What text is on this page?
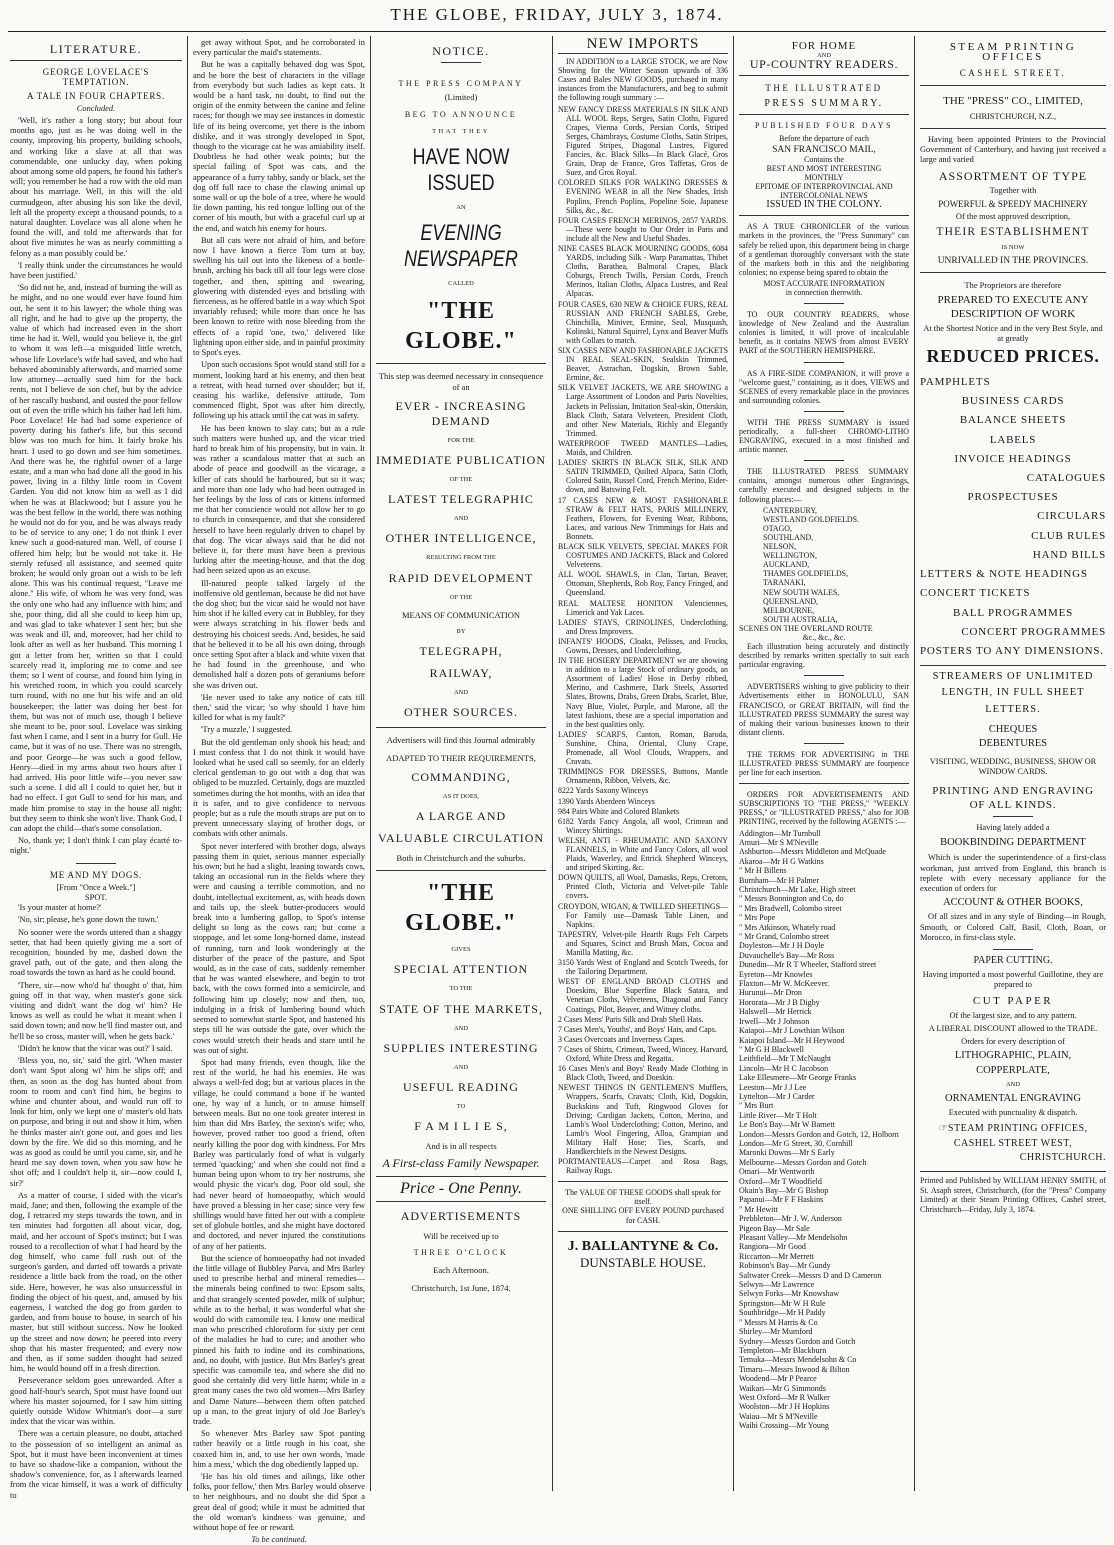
THE GLOBE, FRIDAY, JULY 3, 1874.
LITERATURE.
GEORGE LOVELACE'S TEMPTATION.
A TALE IN FOUR CHAPTERS.
Concluded.

'Well, it's rather a long story; but about four months ago, just as he was doing well in the county, improving his property, building schools, and working like a slave at all that was commendable, one unlucky day, when poking about among some old papers, he found his father's will; you remember he had a row with the old man about his marriage. Well, in this will the old curmudgeon, after abusing his son like the devil, left all the property except a thousand pounds, to a natural daughter. Lovelace was all alone when he found the will, and told me afterwards that for about five minutes he was as nearly committing a felony as a man possibly could be.'

'I really think under the circumstances he would have been justified.'

'So did not he, and, instead of burning the will as he might, and no one would ever have found him out, he sent it to his lawyer; the whole thing was all right, and he had to give up the property, the value of which had increased even in the short time he had it. Well, would you believe it, the girl to whom it was left—a misguided little wretch, whose life Lovelace's wife had saved, and who had behaved abominably afterwards, and married some low attorney—actually sued him for the back rents, not I believe de son chef, but by the advice of her rascally husband, and ousted the poor fellow out of even the trifle which his father had left him. Poor Lovelace! He had had some experience of poverty during his father's life, but this second blow was too much for him. It fairly broke his heart. I used to go down and see him sometimes. And there was he, the rightful owner of a large estate, and a man who had done all the good in his power, living in a filthy little room in Covent Garden. You did not know him as well as I did when he was at Blackwood; but I assure you he was the best fellow in the world, there was nothing he would not do for you, and he was always ready to be of service to any one; I do not think I ever knew such a good-natured man. Well, of course I offered him help; but he would not take it. He sternly refused all assistance, and seemed quite broken; he would only groan out a wish to be left alone. This was his continual request, "Leave me alone." His wife, of whom he was very fond, was the only one who had any influence with him; and she, poor thing, did all she could to keep him up, and was glad to take whatever I sent her; but she was weak and ill, and, moreover, had her child to look after as well as her husband. This morning I got a letter from her, written so that I could scarcely read it, imploring me to come and see them; so I went of course, and found him lying in his wretched room, in which you could scarcely turn round, with no one but his wife and an old housekeeper; the latter was doing her best for them, but was not of much use, though I believe she meant to be, poor soul. Lovelace was sinking fast when I came, and I sent in a hurry for Gull. He came, but it was of no use. There was no strength, and poor George—he was such a good fellow, Henry—died in my arms about two hours after I had arrived. His poor little wife—you never saw such a scene. I did all I could to quiet her, but it had no effect. I got Gull to send for his man, and made him promise to stay in the house all night; but they seem to think she won't live. Thank God, I can adopt the child—that's some consolation.

No, thank ye; I don't think I can play écarté to-night.'

ME AND MY DOGS.
[From "Once a Week."]
SPOT.

'Is your master at home?'

'No, sir; please, he's gone down the town.'

No sooner were the words uttered than a shaggy setter, that had been quietly giving me a sort of recognition, bounded by me, dashed down the gravel path, out of the gate, and then along the road towards the town as hard as he could bound.

'There, sir—now who'd ha' thought o' that, him going off in that way, when master's gone sick visiting and didn't want the dog wi' him? He knows as well as could be what it meant when I said down town; and now he'll find master out, and he'll be so cross, master will, when he gets back.'

'Didn't he know that the vicar was out?' I said.

'Bless you, no, sir,' said the girl. 'When master don't want Spot along wi' him he slips off; and then, as soon as the dog has hunted about from room to room and can't find him, he begins to whine and chunter about, and would run off to look for him, only we kept one o' master's old hats on purpose, and bring it out and show it him, when he thinks master ain't gone out, and goes and lies down by the fire. We did so this morning, and he was as good as could be until you came, sir, and he heard me say down town, when you saw how he shot off; and I couldn't help it, sir—now could I, sir?'

As a matter of course, I sided with the vicar's maid, Jane; and then, following the example of the dog, I retraced my steps towards the town, and in ten minutes had forgotten all about vicar, dog, maid, and her account of Spot's instinct; but I was roused to a recollection of what I had heard by the dog himself, who came full rush out of the surgeon's garden, and darted off towards a private residence a little back from the road, on the other side. Here, however, he was also unsuccessful in finding the object of his quest, and, amused by his eagerness, I watched the dog go from garden to garden, and from house to house, in search of his master, but still without success. Now he looked up the street and now down; he peered into every shop that his master frequented; and every now and then, as if some sudden thought had seized him, he would bound off in a fresh direction.

Perseverance seldom goes unrewarded. After a good half-hour's search, Spot must have found out where his master sojourned, for I saw him sitting quietly outside Widow Whitman's door—a sure index that the vicar was within.

There was a certain pleasure, no doubt, attached to the possession of so intelligent an animal as Spot, but it must have been inconvenient at times to have so shadow-like a companion, without the shadow's convenience, for, as I afterwards learned from the vicar himself, it was a work of difficulty to

get away without Spot, and he corroborated in every particular the maid's statements.

But he was a capitally behaved dog was Spot, and he bore the best of characters in the village from everybody but such ladies as kept cats. It would be a hard task, no doubt, to find out the origin of the enmity between the canine and feline races; for though we may see instances in domestic life of its being overcome, yet there is the inborn dislike, and it was strongly developed in Spot, though to the vicarage cat he was amiability itself. Doubtless he had other weak points; but the special failing of Spot was cats, and the appearance of a furry tabby, sandy or black, set the dog off full race to chase the clawing animal up some wall or up the bole of a tree, where he would lie down panting, his red tongue lolling out of the corner of his mouth, but with a graceful curl up at the end, and watch his enemy for hours.

But all cats were not afraid of him, and before now I have known a fierce Tom turn at bay, swelling his tail out into the likeness of a bottle-brush, arching his back till all four legs were close together, and then, spitting and swearing, glowering with distended eyes and bristling with fierceness, as he offered battle in a way which Spot invariably refused; while more than once he has been known to retire with nose bleeding from the effects of a rapid 'one, two,' delivered like lightning upon either side, and in painful proximity to Spot's eyes.

Upon such occasions Spot would stand still for a moment, looking hard at his enemy, and then beat a retreat, with head turned over shoulder; but if, ceasing his warlike, defensive attitude, Tom commenced flight, Spot was after him directly, following up his attack until the cat was in safety.

He has been known to slay cats; but as a rule such matters were hushed up, and the vicar tried hard to break him of his propensity, but in vain. It was rather a scandalous matter that at such an abode of peace and goodwill as the vicarage, a killer of cats should be harboured, but so it was; and more than one lady who had been outraged in her feelings by the loss of cats or kittens informed me that her conscience would not allow her to go to church in consequence, and that she considered herself to have been regularly driven to chapel by that dog. The vicar always said that he did not believe it, for there must have been a previous lurking after the meeting-house, and that the dog had been seized upon as an excuse.

Ill-natured people talked largely of the inoffensive old gentleman, because he did not have the dog shot; but the vicar said he would not have him shot if he killed every cat in Bubbley, for they were always scratching in his flower beds and destroying his choicest seeds. And, besides, he said that he believed it to be all his own doing, through once setting Spot after a black and white vixen that he had found in the greenhouse, and who demolished half a dozen pots of geraniums before she was driven out.

'He never used to take any notice of cats till then,' said the vicar; 'so why should I have him killed for what is my fault?'

'Try a muzzle,' I suggested.

But the old gentleman only shook his head; and I must confess that I do not think it would have looked what he used call so seemly, for an elderly clerical gentleman to go out with a dog that was obliged to be muzzled. Certainly, dogs are muzzled sometimes during the hot months, with an idea that it is safer, and to give confidence to nervous people; but as a rule the mouth straps are put on to prevent unnecessary slaying of brother dogs, or combats with other animals.

Spot never interfered with brother dogs, always passing them in quiet, serious manner especially his own; but he had a slight, leaning towards cows, taking an occasional run in the fields where they were and causing a terrible commotion, and no doubt, intellectual excitement, as, with heads down and tails up, the sleek butter-producers would break into a lumbering gallop, to Spot's intense delight so long as the cows ran; but come a stoppage, and let some long-horned dame, instead of running, turn and look wonderingly at the disturber of the peace of the pasture, and Spot would, as in the case of cats, suddenly remember that he was wanted elsewhere, and begin to trot back, with the cows formed into a semicircle, and following him up closely; now and then, too, indulging in a frisk of lumbering bound which seemed to somewhat startle Spot, and hastened his steps till he was outside the gate, over which the cows would stretch their heads and stare until he was out of sight.

Spot had many friends, even though, like the rest of the world, he had his enemies. He was always a well-fed dog; but at various places in the village, he could command a bone if he wanted one, by way of a lunch, or to amuse himself between meals. But no one took greater interest in him than did Mrs Barley, the sexton's wife; who, however, proved rather too good a friend, often nearly killing the poor dog with kindness. For Mrs Barley was particularly fond of what is vulgarly termed 'quacking;' and when she could not find a human being upon whom to try her nostrums, she would physic the vicar's dog. Poor old soul, she had never heard of homoeopathy, which would have proved a blessing in her case; since very few shillings would have fitted her out with a complete set of globule bottles, and she might have doctored and doctored, and never injured the constitutions of any of her patients.

But the science of homoeopathy had not invaded the little village of Bubbley Parva, and Mrs Barley used to prescribe herbal and mineral remedies—the minerals being confined to two: Epsom salts, and that strangely scented powder, milk of sulphur; while as to the herbal, it was wonderful what she would do with camomile tea. I know one medical man who prescribed chloroform for sixty per cent of the maladies he had to cure; and another who pinned his faith to iodine and its combinations, and, no doubt, with justice. But Mrs Barley's great specific was camomile tea, and where she did no good she certainly did very little harm; while in a great many cases the two old women—Mrs Barley and Dame Nature—between them often patched up a man, to the great injury of old Joe Barley's trade.

So whenever Mrs Barley saw Spot panting rather heavily or a little rough in his coat, she coaxed him in, and, to use her own words, 'made him a mess,' which the dog obediently lapped up.

'He has his old times and ailings, like other folks, poor fellow,' then Mrs Barley would observe to her neighbours, and no doubt she did Spot a great deal of good; while it must be admitted that the old woman's kindness was genuine, and without hope of fee or reward.

To be continued.
NOTICE.
THE PRESS COMPANY
(Limited)
BEG TO ANNOUNCE
THAT THEY
HAVE NOW ISSUED
AN
EVENING NEWSPAPER
CALLED
"THE GLOBE."
This step was deemed necessary in consequence of an
EVER - INCREASING DEMAND
FOR THE
IMMEDIATE PUBLICATION
OF THE
LATEST TELEGRAPHIC
AND
OTHER INTELLIGENCE,
RESULTING FROM THE
RAPID DEVELOPMENT
OF THE
MEANS OF COMMUNICATION
BY
TELEGRAPH,
RAILWAY,
AND
OTHER SOURCES.
Advertisers will find this Journal admirably
ADAPTED TO THEIR REQUIREMENTS,
COMMANDING,
AS IT DOES,
A LARGE AND
VALUABLE CIRCULATION
Both in Christchurch and the suburbs.
"THE GLOBE."
GIVES
SPECIAL ATTENTION
TO THE
STATE OF THE MARKETS,
AND
SUPPLIES INTERESTING
AND
USEFUL READING
TO
F A M I L I E S,
And is in all respects
A First-class Family Newspaper.
Price - One Penny.
ADVERTISEMENTS
Will be received up to
THREE O'CLOCK
Each Afternoon.
Christchurch, 1st June, 1874.
NEW IMPORTS

IN ADDITION to a LARGE STOCK, we are Now Showing for the Winter Season upwards of 336 Cases and Bales NEW GOODS, purchased in many instances from the Manufacturers, and beg to submit the following rough summary :—

NEW FANCY DRESS MATERIALS IN SILK AND ALL WOOL Reps, Serges, Satin Cloths, Figured Crapes, Vienna Cords, Persian Cords, Striped Serges, Chambrays, Costume Cloths, Satin Stripes, Figured Stripes, Diagonal Lustres, Figured Fancies, &c. Black Silks—In Black Glacé, Gros Grain, Drap de France, Gros Taffetas, Gros de Suez, and Gros Royal.
COLORED SILKS FOR WALKING DRESSES & EVENING WEAR in all the New Shades, Irish Poplins, French Poplins, Popeline Soie, Japanese Silks, &c., &c.
FOUR CASES FRENCH MERINOS, 2857 YARDS.—These were bought to Our Order in Paris and include all the New and Useful Shades.
NINE CASES BLACK MOURNING GOODS, 6084 YARDS, including Silk - Warp Paramattas, Thibet Cloths, Barathea, Balmoral Crapes, Black Coburgs, French Twills, Persian Cords, French Merinos, Italian Cloths, Alpaca Lustres, and Real Alpacas.
FOUR CASES, 630 NEW & CHOICE FURS, REAL RUSSIAN AND FRENCH SABLES, Grebe, Chinchilla, Miniver, Ermine, Seal, Musquash, Kolinski, Natural Squirrel, Lynx and Beaver Muffs with Collars to match.
SIX CASES NEW AND FASHIONABLE JACKETS IN REAL SEAL-SKIN, Sealskin Trimmed, Beaver, Astrachan, Dogskin, Brown Sable, Ermine, &c.
SILK VELVET JACKETS, WE ARE SHOWING a Large Assortment of London and Paris Novelties, Jackets in Pelissian, Imitation Seal-skin, Otterskin, Black Cloth, Satara Velveteen, President Cloth, and other New Materials, Richly and Elegantly Trimmed.
WATERPROOF TWEED MANTLES—Ladies, Maids, and Children.
LADIES' SKIRTS IN BLACK SILK, SILK AND SATIN TRIMMED, Quilted Alpaca, Satin Cloth, Colored Satin, Russel Cord, French Merino, Eider-down, and Batswing Felt.
17 CASES NEW & MOST FASHIONABLE STRAW & FELT HATS, PARIS MILLINERY, Feathers, Flowers, for Evening Wear, Ribbons, Laces, and various New Trimmings for Hats and Bonnets.
BLACK SILK VELVETS, SPECIAL MAKES FOR COSTUMES AND JACKETS, Black and Colored Velveteens.
ALL WOOL SHAWLS, in Clan, Tartan, Beaver, Ottoman, Shepherds, Rob Roy, Fancy Fringed, and Queensland.
REAL MALTESE HONITON Valenciennes, Limerick and Yak Laces.
LADIES' STAYS, CRINOLINES, Underclothing, and Dress Improvers.
INFANTS' HOODS, Cloaks, Pelisses, and Frocks, Gowns, Dresses, and Underclothing.
IN THE HOSIERY DEPARTMENT we are showing in addition to a large Stock of ordinary goods, an Assortment of Ladies' Hose in Derby ribbed, Merino, and Cashmere, Dark Steels, Assorted Slates, Browns, Drabs, Green Drabs, Scarlet, Blue, Navy Blue, Violet, Purple, and Marone, all the latest fashions, these are a special importation and in the best qualities only.
LADIES' SCARFS, Canton, Roman, Baroda, Sunshine, China, Oriental, Cluny Crape, Promenade, all Wool Clouds, Wrappers, and Cravats.
TRIMMINGS FOR DRESSES, Buttons, Mantle Ornaments, Ribbon, Velvets, &c.
8222 Yards Saxony Winceys
1390 Yards Aberdeen Winceys
984 Pairs White and Colored Blankets
6182 Yards Fancy Angola, all wool, Crimean and Wincey Shirtings.
WELSH, ANTI - RHEUMATIC AND SAXONY FLANNELS, in White and Fancy Colors, all wool Plaids, Waverley, and Ettrick Shepherd Winceys, and striped Skirting, &c.
DOWN QUILTS, all Wool, Damasks, Reps, Cretons, Printed Cloth, Victoria and Velvet-pile Table covers.
CROYDON, WIGAN, & TWILLED SHEETINGS—For Family use—Damask Table Linen, and Napkins.
TAPESTRY, Velvet-pile Hearth Rugs Felt Carpets and Squares, Scinct and Brush Mats, Cocoa and Manilla Matting, &c.
3150 Yards West of England and Scotch Tweeds, for the Tailoring Department.
WEST OF ENGLAND BROAD CLOTHS and Doeskins, Blue Superfine Black Satara, and Venetian Cloths, Velveteens, Diagonal and Fancy Coatings, Pilot, Beaver, and Witney cloths.
2 Cases Mens' Paris Silk and Drab Shell Hats.
7 Cases Men's, Youths', and Boys' Hats, and Caps.
3 Cases Overcoats and Inverness Capes.
7 Cases of Shirts, Crimean, Tweed, Wincey, Harvard, Oxford, White Dress and Regatta.
16 Cases Men's and Boys' Ready Made Clothing in Black Cloth, Tweed, and Doeskin.
NEWEST THINGS IN GENTLEMEN'S Mufflers, Wrappers, Scarfs, Cravats; Cloth, Kid, Dogskin, Buckskins and Tuft, Ringwood Gloves for Driving; Cardigan Jackets, Cotton, Merino, and Lamb's Wool Underclothing; Cotton, Merino, and Lamb's Wool Fingering, Alloa, Grampian and Military Half Hose; Ties, Scarfs, and Handkerchiefs in the Newest Designs.
PORTMANTEAUS—Carpet and Rosa Bags, Railway Rugs.
The VALUE OF THESE GOODS shall speak for itself.
ONE SHILLING OFF EVERY POUND purchased for CASH.
J. BALLANTYNE & Co.
DUNSTABLE HOUSE.
FOR HOME
AND
UP-COUNTRY READERS.
THE ILLUSTRATED
PRESS SUMMARY.
PUBLISHED FOUR DAYS
Before the departure of each
SAN FRANCISCO MAIL,
Contains the
BEST AND MOST INTERESTING
MONTHLY
EPITOME OF INTERPROVINCIAL AND
INTERCOLONIAL NEWS
ISSUED IN THE COLONY.

AS A TRUE CHRONICLER of the various markets in the provinces, the "Press Summary" can safely be relied upon, this department being in charge of a gentleman thoroughly conversant with the state of the markets both in this and the neighboring colonies; no expense being spared to obtain the

MOST ACCURATE INFORMATION
in connection therewith.

TO OUR COUNTRY READERS, whose knowledge of New Zealand and the Australian colonies is limited, it will prove of incalculable benefit, as it contains NEWS from almost EVERY PART of the SOUTHERN HEMISPHERE.

AS A FIRE-SIDE COMPANION, it will prove a "welcome guest," containing, as it does, VIEWS and SCENES of every remarkable place in the provinces and surrounding colonies.

WITH THE PRESS SUMMARY is issued periodically, a full-sheet CHROMO-LITHO ENGRAVING, executed in a most finished and artistic manner.

THE ILLUSTRATED PRESS SUMMARY contains, amongst numerous other Engravings, carefully executed and designed subjects in the following places:—

CANTERBURY,
WESTLAND GOLDFIELDS.
OTAGO,
SOUTHLAND,
NELSON,
WELLINGTON,
AUCKLAND,
THAMES GOLDFIELDS,
TARANAKI,
NEW SOUTH WALES,
QUEENSLAND,
MELBOURNE,
SOUTH AUSTRALIA,
SCENES ON THE OVERLAND ROUTE
&c., &c., &c.

Each illustration being accurately and distinctly described by remarks written specially to suit each particular engraving.

ADVERTISERS wishing to give publicity to their Advertisements either in HONOLULU, SAN FRANCISCO, or GREAT BRITAIN, will find the ILLUSTRATED PRESS SUMMARY the surest way of making their various businesses known to their distant clients.

THE TERMS FOR ADVERTISING in THE ILLUSTRATED PRESS SUMMARY are fourpence per line for each insertion.

ORDERS FOR ADVERTISEMENTS AND SUBSCRIPTIONS TO "THE PRESS," "WEEKLY PRESS," or "ILLUSTRATED PRESS," also for JOB PRINTING, received by the following AGENTS :—

Addington—Mr Turnbull
Amuri—Mr S M'Neville
Ashburton—Messrs Middleton and McQuade
Akaroa—Mr H G Watkins
" Mr H Billens
Burnham—Mr H Palmer
Christchurch—Mr Lake, High street
" Messrs Bonnington and Co, do
" Mrs Bradwell, Colombo street
" Mrs Pope
" Mrs Atkinson, Whately road
" Mr Grand, Colombo street
Doyleston—Mr J H Doyle
Duvauchelle's Bay—Mr Ross
Dunedin—Mr R T Wheeler, Stafford street
Eyreton—Mr Knowles
Flaxton—Mr W. McKeever.
Hurunui—Mr Dron
Hororata—Mr J B Digby
Halswell—Mr Herrick
Irwell—Mr J Johnson
Kaiapoi—Mr J Lowthian Wilson
Kaiapoi Island—Mr H Heywood
" Mr G H Blackwell
Leithfield—Mr T McNaught
Lincoln—Mr H C Jacobson
Lake Ellesmere—Mr George Franks
Leeston—Mr J J Lee
Lyttelton—Mr J Carder
" Mrs Burt
Little River—Mr T Holt
Le Bon's Bay—Mr W Barnett
London—Messrs Gordon and Gotch, 12, Holborn
London—Mr G Street, 30, Cornhill
Maronki Downs—Mr S Early
Melbourne—Messrs Gordon and Gotch
Omari—Mr Wentworth
Oxford—Mr T Woodfield
Okain's Bay—Mr G Bishop
Papanui—Mr F F Haskins
" Mr Hewitt
Prebbleton—Mr J. W. Anderson
Pigeon Bay—Mr Sale
Pleasant Valley—Mr Mendelsohn
Rangiora—Mr Good
Riccarton—Mr Merrett
Robinson's Bay—Mr Gundy
Saltwater Creek—Messrs D and D Cameron
Selwyn—Mr Lawrence
Selwyn Forks—Mr Knowshaw
Springston—Mr W H Rule
Southbridge—Mr H Paddy
" Messrs M Harris & Co
Shirley—Mr Mumford
Sydney—Messrs Gordon and Gotch
Templeton—Mr Blackburn
Temuka—Messrs Mendelsohn & Co
Timaru—Messrs Inwood & Bilton
Woodend—Mr P Pearce
Waikari—Mr G Simmonds
West Oxford—Mr R Walker
Woolston—Mr J H Hopkins
Waiau—Mr S M'Neville
Waihi Crossing—Mr Young
STEAM PRINTING OFFICES
CASHEL STREET.
THE "PRESS" CO., LIMITED,
CHRISTCHURCH, N.Z.,

Having been appointed Printers to the Provincial Government of Canterbury, and having just received a large and varied

ASSORTMENT OF TYPE
Together with
POWERFUL & SPEEDY MACHINERY
Of the most approved description,
THEIR ESTABLISHMENT
IS NOW
UNRIVALLED IN THE PROVINCES.
The Proprietors are therefore
PREPARED TO EXECUTE ANY
DESCRIPTION OF WORK
At the Shortest Notice and in the very Best Style, and at greatly
REDUCED PRICES.
PAMPHLETS
BUSINESS CARDS
BALANCE SHEETS
LABELS
INVOICE HEADINGS
CATALOGUES
PROSPECTUSES
CIRCULARS
CLUB RULES
HAND BILLS
LETTERS & NOTE HEADINGS
CONCERT TICKETS
BALL PROGRAMMES
CONCERT PROGRAMMES
POSTERS TO ANY DIMENSIONS.
STREAMERS OF UNLIMITED
LENGTH, IN FULL SHEET
LETTERS.
CHEQUES
DEBENTURES
VISITING, WEDDING, BUSINESS, SHOW OR WINDOW CARDS.
PRINTING AND ENGRAVING
OF ALL KINDS.
Having lately added a
BOOKBINDING DEPARTMENT

Which is under the superintendence of a first-class workman, just arrived from England, this branch is replete with every necessary appliance for the execution of orders for

ACCOUNT & OTHER BOOKS,

Of all sizes and in any style of Binding—in Rough, Smooth, or Colored Calf, Basil, Cloth, Roan, or Morocco, in first-class style.

PAPER CUTTING.
Having imported a most powerful Guillotine, they are prepared to
CUT PAPER
Of the largest size, and to any pattern.
A LIBERAL DISCOUNT allowed to the TRADE.
Orders for every description of
LITHOGRAPHIC, PLAIN,
COPPERPLATE,
AND
ORNAMENTAL ENGRAVING
Executed with punctuality & dispatch.
☞STEAM PRINTING OFFICES,
CASHEL STREET WEST,
CHRISTCHURCH.
Printed and Published by WILLIAM HENRY SMITH, of St. Asaph street, Christchurch, (for the "Press" Company Limited) at their Steam Printing Offices, Cashel street, Christchurch—Friday, July 3, 1874.
